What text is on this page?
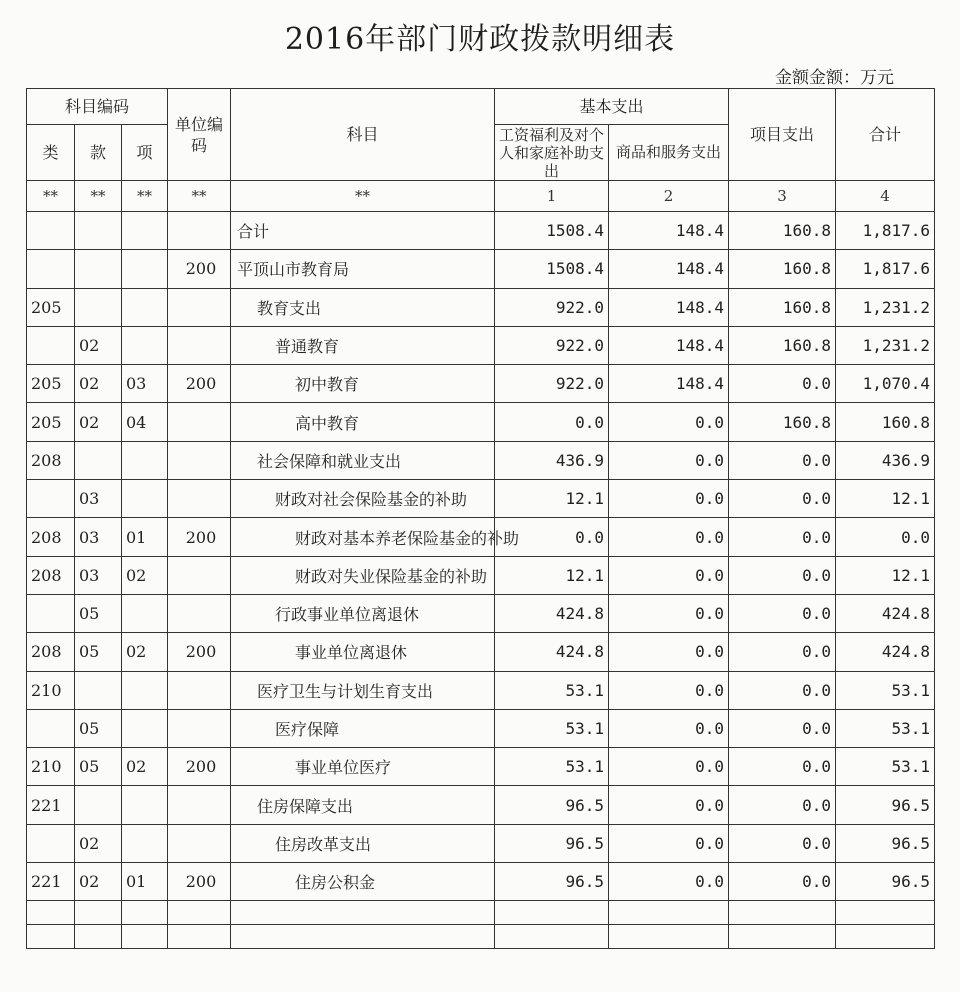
2016年部门财政拨款明细表
金额金额：万元
科目编码			单位编码	科目	基本支出		项目支出	合计
类	款	项			工资福利及对个人和家庭补助支出	商品和服务支出		
**	**	**	**	**	1	2	3	4
				合计	1508.4	148.4	160.8	1,817.6
			200	平顶山市教育局	1508.4	148.4	160.8	1,817.6
205				教育支出	922.0	148.4	160.8	1,231.2
	02			普通教育	922.0	148.4	160.8	1,231.2
205	02	03	200	初中教育	922.0	148.4	0.0	1,070.4
205	02	04		高中教育	0.0	0.0	160.8	160.8
208				社会保障和就业支出	436.9	0.0	0.0	436.9
	03			财政对社会保险基金的补助	12.1	0.0	0.0	12.1
208	03	01	200	财政对基本养老保险基金的补助	0.0	0.0	0.0	0.0
208	03	02		财政对失业保险基金的补助	12.1	0.0	0.0	12.1
	05			行政事业单位离退休	424.8	0.0	0.0	424.8
208	05	02	200	事业单位离退休	424.8	0.0	0.0	424.8
210				医疗卫生与计划生育支出	53.1	0.0	0.0	53.1
	05			医疗保障	53.1	0.0	0.0	53.1
210	05	02	200	事业单位医疗	53.1	0.0	0.0	53.1
221				住房保障支出	96.5	0.0	0.0	96.5
	02			住房改革支出	96.5	0.0	0.0	96.5
221	02	01	200	住房公积金	96.5	0.0	0.0	96.5
